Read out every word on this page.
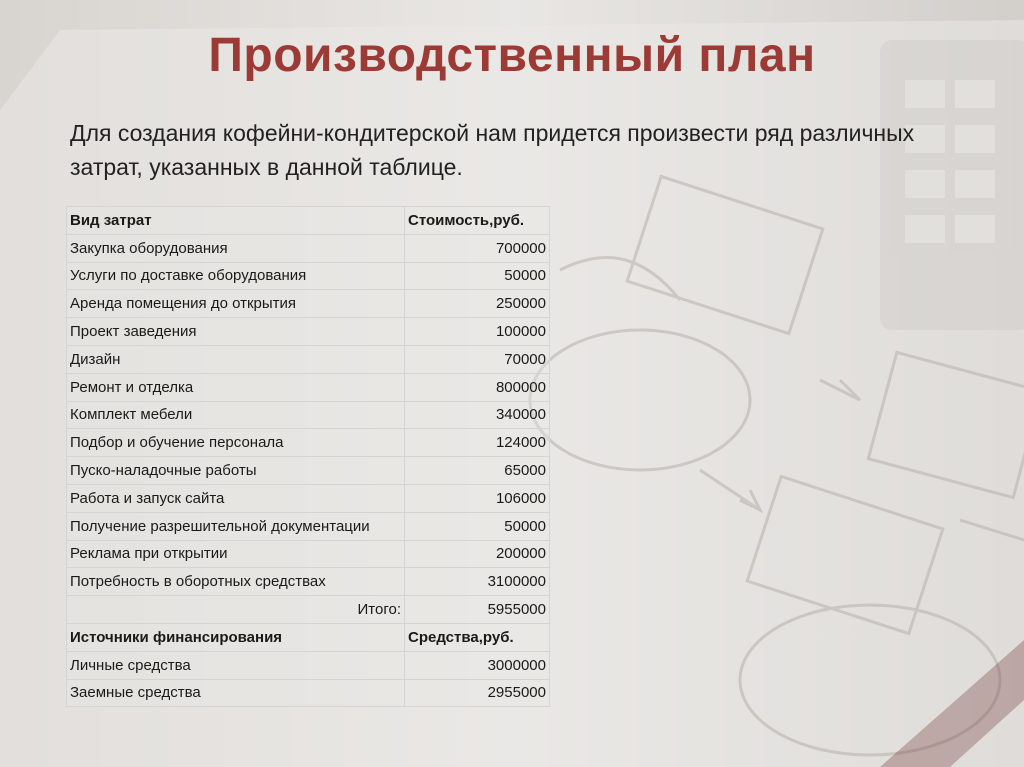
Производственный план
Для создания кофейни-кондитерской нам придется произвести ряд различных затрат, указанных в данной таблице.
Вид затрат	Стоимость,руб.
Закупка оборудования	700000
Услуги по доставке оборудования	50000
Аренда помещения до открытия	250000
Проект заведения	100000
Дизайн	70000
Ремонт и отделка	800000
Комплект мебели	340000
Подбор и обучение персонала	124000
Пуско-наладочные работы	65000
Работа и запуск сайта	106000
Получение разрешительной документации	50000
Реклама при открытии	200000
Потребность в оборотных средствах	3100000
Итого:	5955000
Источники финансирования	Средства,руб.
Личные средства	3000000
Заемные средства	2955000
